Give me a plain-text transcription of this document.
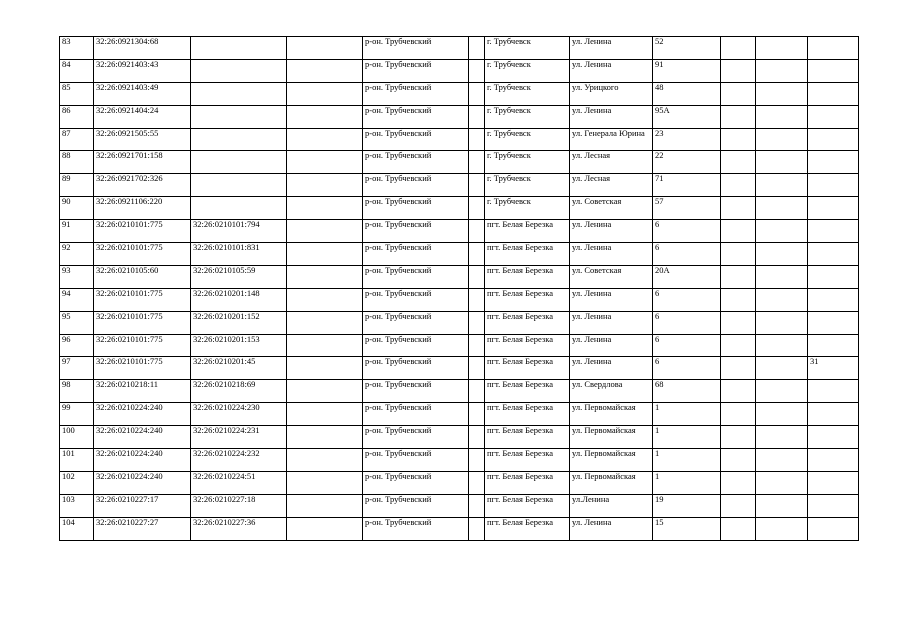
83	32:26:0921304:68			р-он. Трубчевский		г. Трубчевск	ул. Ленина	52			
84	32:26:0921403:43			р-он. Трубчевский		г. Трубчевск	ул. Ленина	91			
85	32:26:0921403:49			р-он. Трубчевский		г. Трубчевск	ул. Урицкого	48			
86	32:26:0921404:24			р-он. Трубчевский		г. Трубчевск	ул. Ленина	95А			
87	32:26:0921505:55			р-он. Трубчевский		г. Трубчевск	ул. Генерала Юрина	23			
88	32:26:0921701:158			р-он. Трубчевский		г. Трубчевск	ул. Лесная	22			
89	32:26:0921702:326			р-он. Трубчевский		г. Трубчевск	ул. Лесная	71			
90	32:26:0921106:220			р-он. Трубчевский		г. Трубчевск	ул. Советская	57			
91	32:26:0210101:775	32:26:0210101:794		р-он. Трубчевский		пгт. Белая Березка	ул. Ленина	6			
92	32:26:0210101:775	32:26:0210101:831		р-он. Трубчевский		пгт. Белая Березка	ул. Ленина	6			
93	32:26:0210105:60	32:26:0210105:59		р-он. Трубчевский		пгт. Белая Березка	ул. Советская	20А			
94	32:26:0210101:775	32:26:0210201:148		р-он. Трубчевский		пгт. Белая Березка	ул. Ленина	6			
95	32:26:0210101:775	32:26:0210201:152		р-он. Трубчевский		пгт. Белая Березка	ул. Ленина	6			
96	32:26:0210101:775	32:26:0210201:153		р-он. Трубчевский		пгт. Белая Березка	ул. Ленина	6			
97	32:26:0210101:775	32:26:0210201:45		р-он. Трубчевский		пгт. Белая Березка	ул. Ленина	6			31
98	32:26:0210218:11	32:26:0210218:69		р-он. Трубчевский		пгт. Белая Березка	ул. Свердлова	68			
99	32:26:0210224:240	32:26:0210224:230		р-он. Трубчевский		пгт. Белая Березка	ул. Первомайская	1			
100	32:26:0210224:240	32:26:0210224:231		р-он. Трубчевский		пгт. Белая Березка	ул. Первомайская	1			
101	32:26:0210224:240	32:26:0210224:232		р-он. Трубчевский		пгт. Белая Березка	ул. Первомайская	1			
102	32:26:0210224:240	32:26:0210224:51		р-он. Трубчевский		пгт. Белая Березка	ул. Первомайская	1			
103	32:26:0210227:17	32:26:0210227:18		р-он. Трубчевский		пгт. Белая Березка	ул.Ленина	19			
104	32:26:0210227:27	32:26:0210227:36		р-он. Трубчевский		пгт. Белая Березка	ул. Ленина	15			
